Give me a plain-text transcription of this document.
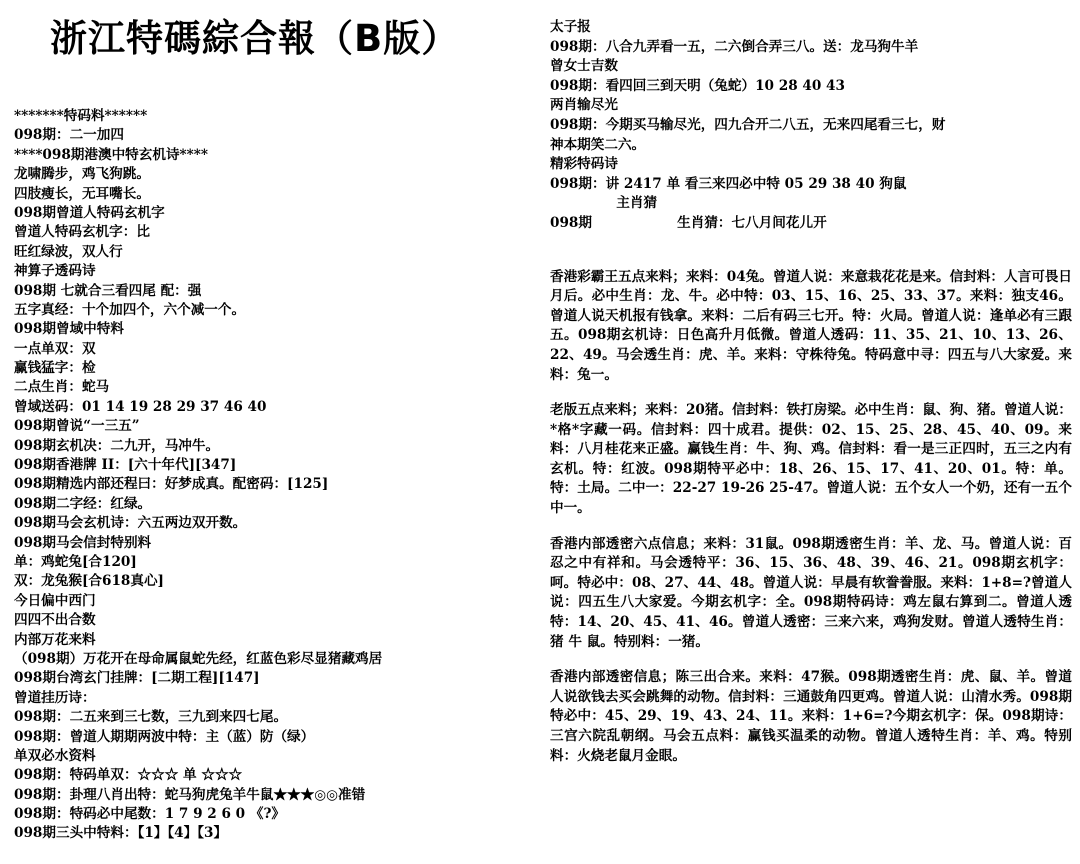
浙江特碼綜合報（B版）
*******特码料******
098期：二一加四
****098期港澳中特玄机诗****
龙啸腾步，鸡飞狗跳。
四肢瘦长，无耳嘴长。
098期曾道人特码玄机字
曾道人特码玄机字：比
旺红绿波，双人行
神算子透码诗
098期 七就合三看四尾 配：强
五字真经：十个加四个，六个减一个。
098期曾域中特料
一点单双：双
赢钱猛字：检
二点生肖：蛇马
曾域送码：01 14 19 28 29 37 46 40
098期曾说“一三五”
098期玄机决：二九开，马冲牛。
098期香港牌 II：[六十年代][347]
098期精选内部还程曰：好梦成真。配密码：[125]
098期二字经：红绿。
098期马会玄机诗：六五两边双开数。
098期马会信封特别料
单：鸡蛇兔[合120]
双：龙兔猴[合618真心]
今日偏中西门
四四不出合数
内部万花来料
（098期）万花开在母命属鼠蛇先经，红蓝色彩尽显猪藏鸡居
098期台湾玄门挂牌：[二期工程][147]
曾道挂历诗：
098期：二五来到三七数，三九到来四七尾。
098期：曾道人期期两波中特：主（蓝）防（绿）
单双必水资料
098期：特码单双：☆☆☆ 单 ☆☆☆
098期：卦理八肖出特：蛇马狗虎兔羊牛鼠★★★◎◎准错
098期：特码必中尾数：1 7 9 2 6 0 《?》
098期三头中特料：【1】【4】【3】
太子报
098期：八合九弄看一五，二六倒合弄三八。送：龙马狗牛羊
曾女士吉数
098期：看四回三到天明（兔蛇）10 28 40 43
两肖输尽光
098期：今期买马输尽光，四九合开二八五，无来四尾看三七，财
神本期笑二六。
精彩特码诗
098期：讲 2417 单 看三来四必中特 05 29 38 40 狗鼠
主肖猜
098期                  生肖猜：七八月间花儿开
香港彩霸王五点来料；来料：04兔。曾道人说：来意栽花花是来。信封料：人言可畏日月后。必中生肖：龙、牛。必中特：03、15、16、25、33、37。来料：独支46。曾道人说天机报有钱拿。来料：二后有码三七开。特：火局。曾道人说：逢单必有三跟五。098期玄机诗：日色高升月低微。曾道人透码：11、35、21、10、13、26、22、49。马会透生肖：虎、羊。来料：守株待兔。特码意中寻：四五与八大家爱。来料：兔一。
老版五点来料；来料：20猪。信封料：铁打房梁。必中生肖：鼠、狗、猪。曾道人说：*格*字藏一码。信封料：四十成君。提供：02、15、25、28、45、40、09。来料：八月桂花来正盛。赢钱生肖：牛、狗、鸡。信封料：看一是三正四时，五三之内有玄机。特：红波。098期特平必中：18、26、15、17、41、20、01。特：单。特：土局。二中一：22-27 19-26 25-47。曾道人说：五个女人一个奶，还有一五个中一。
香港内部透密六点信息；来料：31鼠。098期透密生肖：羊、龙、马。曾道人说：百忍之中有祥和。马会透特平：36、15、36、48、39、46、21。098期玄机字：呵。特必中：08、27、44、48。曾道人说：早晨有软誊誊服。来料：1+8=?曾道人说：四五生八大家爱。今期玄机字：全。098期特码诗：鸡左鼠右算到二。曾道人透特：14、20、45、41、46。曾道人透密：三来六来，鸡狗发财。曾道人透特生肖：猪 牛 鼠。特别料：一猪。
香港内部透密信息；陈三出合来。来料：47猴。098期透密生肖：虎、鼠、羊。曾道人说欲钱去买会跳舞的动物。信封料：三通鼓角四更鸡。曾道人说：山清水秀。098期特必中：45、29、19、43、24、11。来料：1+6=?今期玄机字：保。098期诗：三宫六院乱朝纲。马会五点料：赢钱买温柔的动物。曾道人透特生肖：羊、鸡。特别料：火烧老鼠月金眼。
